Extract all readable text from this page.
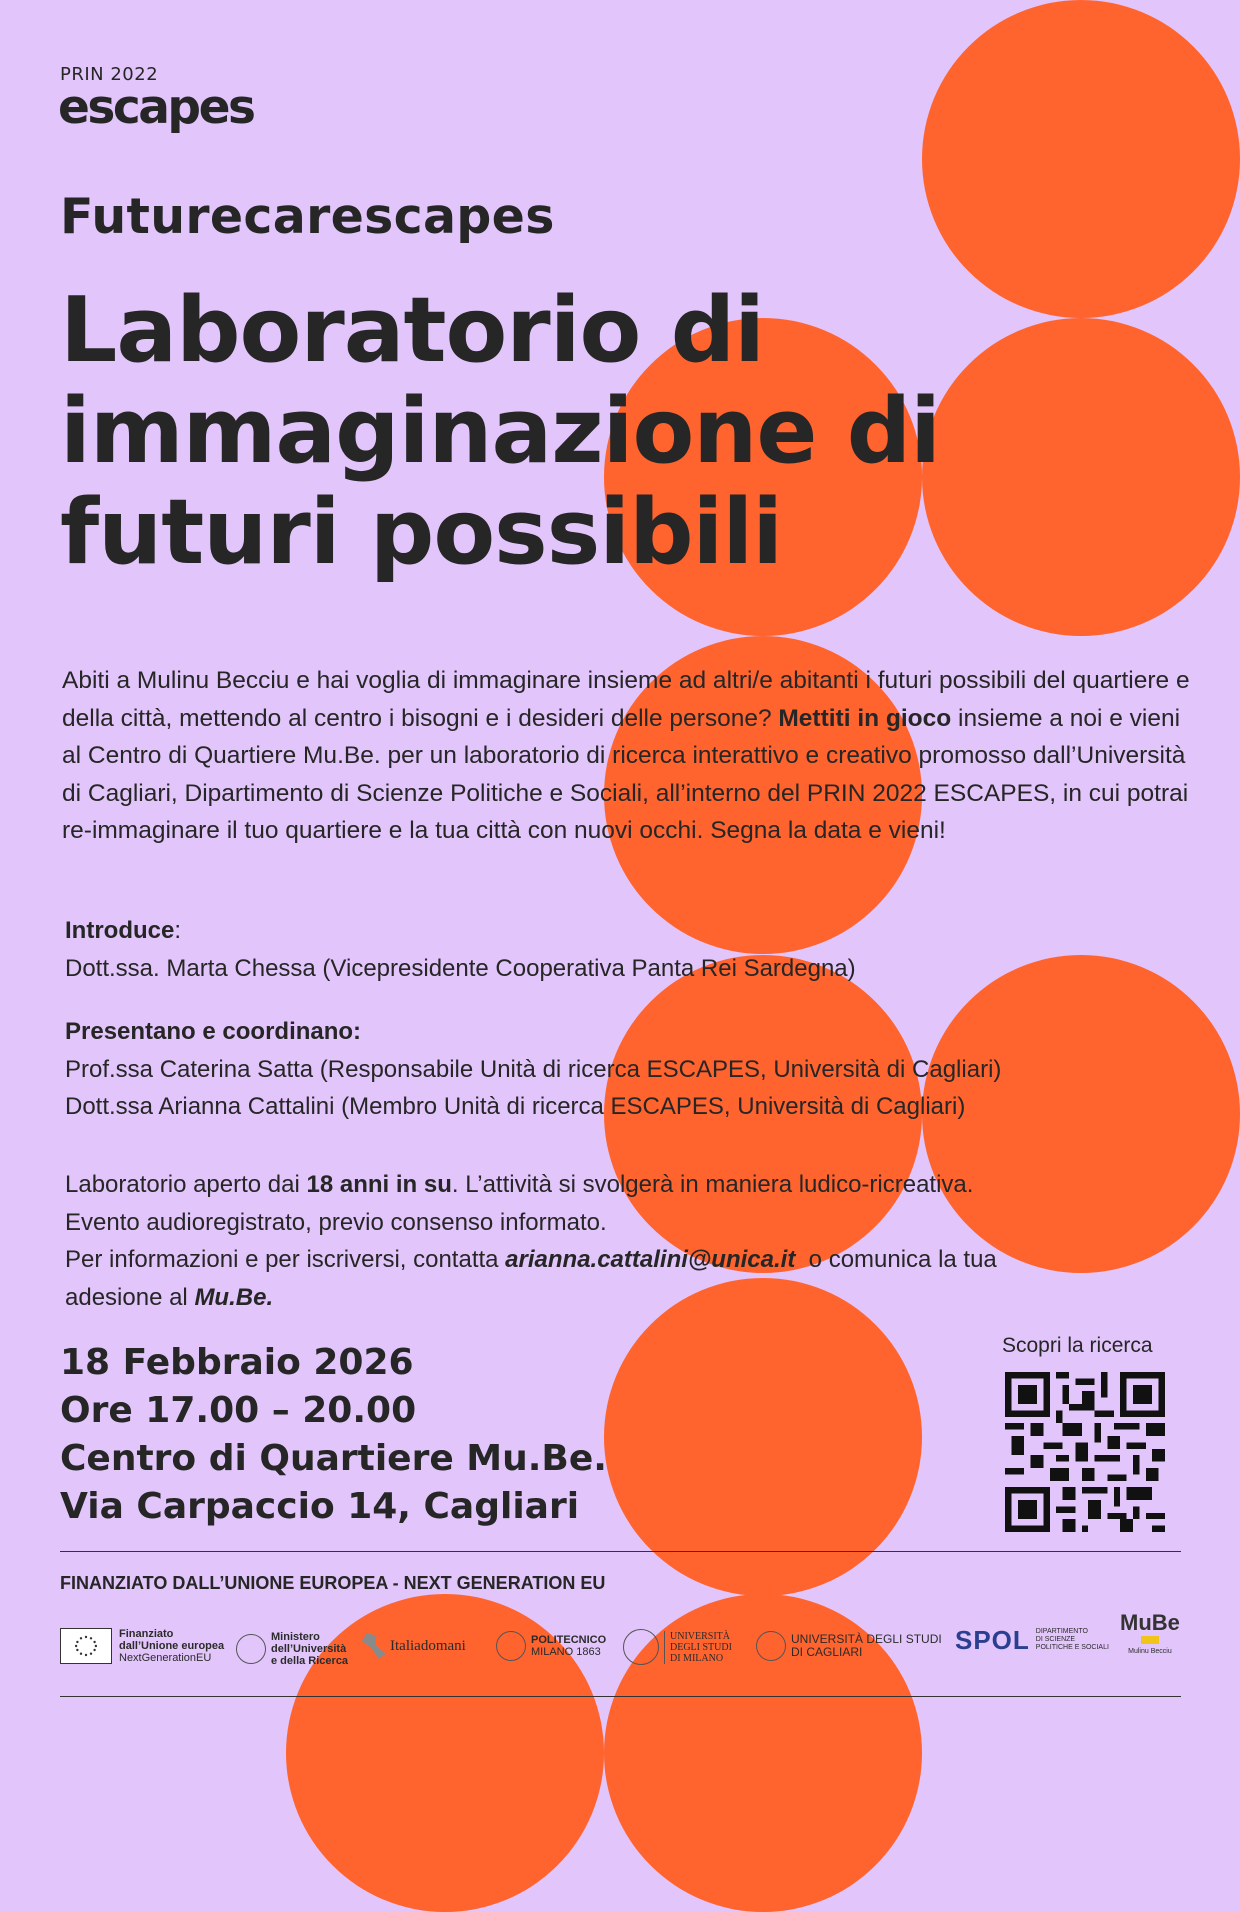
PRIN 2022
escapes
Futurecarescapes
Laboratorio di
immaginazione di
futuri possibili
Abiti a Mulinu Becciu e hai voglia di immaginare insieme ad altri/e abitanti i futuri possibili del quartiere e della città, mettendo al centro i bisogni e i desideri delle persone? Mettiti in gioco insieme a noi e vieni al Centro di Quartiere Mu.Be. per un laboratorio di ricerca interattivo e creativo promosso dall’Università di Cagliari, Dipartimento di Scienze Politiche e Sociali, all’interno del PRIN 2022 ESCAPES, in cui potrai re-immaginare il tuo quartiere e la tua città con nuovi occhi. Segna la data e vieni!
Introduce:
Dott.ssa. Marta Chessa (Vicepresidente Cooperativa Panta Rei Sardegna)
Presentano e coordinano:
Prof.ssa Caterina Satta (Responsabile Unità di ricerca ESCAPES, Università di Cagliari)
Dott.ssa Arianna Cattalini (Membro Unità di ricerca ESCAPES, Università di Cagliari)
Laboratorio aperto dai 18 anni in su. L’attività si svolgerà in maniera ludico-ricreativa.
Evento audioregistrato, previo consenso informato.
Per informazioni e per iscriversi, contatta arianna.cattalini@unica.it o comunica la tua
adesione al Mu.Be.
18 Febbraio 2026
Ore 17.00 – 20.00
Centro di Quartiere Mu.Be.
Via Carpaccio 14, Cagliari
Scopri la ricerca
FINANZIATO DALL’UNIONE EUROPEA - NEXT GENERATION EU
Finanziato
dall’Unione europea
NextGenerationEU
Ministero
dell’Università
e della Ricerca
Italiadomani	POLITECNICO
MILANO 1863
UNIVERSITÀ
DEGLI STUDI
DI MILANO
UNIVERSITÀ DEGLI STUDI
DI CAGLIARI	SPOL DIPARTIMENTO
DI SCIENZE
POLITICHE E SOCIALI
MuBe
Mulinu Becciu
